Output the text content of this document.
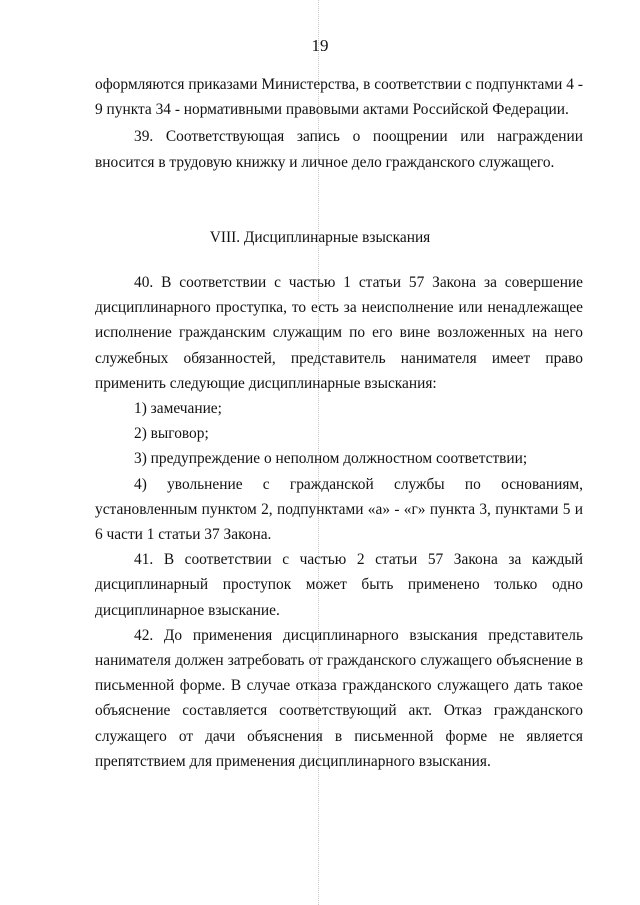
19

оформляются приказами Министерства, в соответствии с подпунктами 4 - 9 пункта 34 - нормативными правовыми актами Российской Федерации.

39. Соответствующая запись о поощрении или награждении вносится в трудовую книжку и личное дело гражданского служащего.

VIII. Дисциплинарные взыскания

40. В соответствии с частью 1 статьи 57 Закона за совершение дисциплинарного проступка, то есть за неисполнение или ненадлежащее исполнение гражданским служащим по его вине возложенных на него служебных обязанностей, представитель нанимателя имеет право применить следующие дисциплинарные взыскания:

1) замечание;

2) выговор;

3) предупреждение о неполном должностном соответствии;

4) увольнение с гражданской службы по основаниям, установленным пунктом 2, подпунктами «а» - «г» пункта 3, пунктами 5 и 6 части 1 статьи 37 Закона.

41. В соответствии с частью 2 статьи 57 Закона за каждый дисциплинарный проступок может быть применено только одно дисциплинарное взыскание.

42. До применения дисциплинарного взыскания представитель нанимателя должен затребовать от гражданского служащего объяснение в письменной форме. В случае отказа гражданского служащего дать такое объяснение составляется соответствующий акт. Отказ гражданского служащего от дачи объяснения в письменной форме не является препятствием для применения дисциплинарного взыскания.
